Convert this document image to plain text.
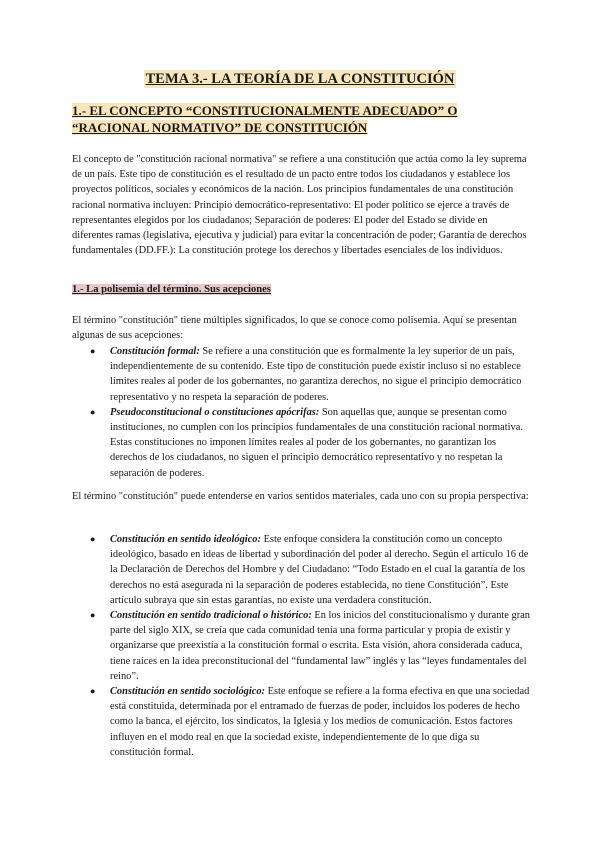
TEMA 3.- LA TEORÍA DE LA CONSTITUCIÓN
1.- EL CONCEPTO “CONSTITUCIONALMENTE ADECUADO” O “RACIONAL NORMATIVO” DE CONSTITUCIÓN
El concepto de "constitución racional normativa" se refiere a una constitución que actúa como la ley suprema de un país. Este tipo de constitución es el resultado de un pacto entre todos los ciudadanos y establece los proyectos políticos, sociales y económicos de la nación. Los principios fundamentales de una constitución racional normativa incluyen: Principio democrático-representativo: El poder político se ejerce a través de representantes elegidos por los ciudadanos; Separación de poderes: El poder del Estado se divide en diferentes ramas (legislativa, ejecutiva y judicial) para evitar la concentración de poder; Garantía de derechos fundamentales (DD.FF.): La constitución protege los derechos y libertades esenciales de los individuos.
1.- La polisemia del término. Sus acepciones
El término "constitución" tiene múltiples significados, lo que se conoce como polisemia. Aquí se presentan algunas de sus acepciones:
● Constitución formal: Se refiere a una constitución que es formalmente la ley superior de un país, independientemente de su contenido. Este tipo de constitución puede existir incluso si no establece límites reales al poder de los gobernantes, no garantiza derechos, no sigue el principio democrático representativo y no respeta la separación de poderes.
● Pseudoconstitucional o constituciones apócrifas: Son aquellas que, aunque se presentan como instituciones, no cumplen con los principios fundamentales de una constitución racional normativa. Estas constituciones no imponen límites reales al poder de los gobernantes, no garantizan los derechos de los ciudadanos, no siguen el principio democrático representativo y no respetan la separación de poderes.
El término "constitución" puede entenderse en varios sentidos materiales, cada uno con su propia perspectiva:
● Constitución en sentido ideológico: Este enfoque considera la constitución como un concepto ideológico, basado en ideas de libertad y subordinación del poder al derecho. Según el artículo 16 de la Declaración de Derechos del Hombre y del Ciudadano: “Todo Estado en el cual la garantía de los derechos no está asegurada ni la separación de poderes establecida, no tiene Constitución”. Este artículo subraya que sin estas garantías, no existe una verdadera constitución.
● Constitución en sentido tradicional o histórico: En los inicios del constitucionalismo y durante gran parte del siglo XIX, se creía que cada comunidad tenía una forma particular y propia de existir y organizarse que preexistía a la constitución formal o escrita. Esta visión, ahora considerada caduca, tiene raíces en la idea preconstitucional del “fundamental law” inglés y las “leyes fundamentales del reino”.
● Constitución en sentido sociológico: Este enfoque se refiere a la forma efectiva en que una sociedad está constituida, determinada por el entramado de fuerzas de poder, incluidos los poderes de hecho como la banca, el ejército, los sindicatos, la Iglesia y los medios de comunicación. Estos factores influyen en el modo real en que la sociedad existe, independientemente de lo que diga su constitución formal.
